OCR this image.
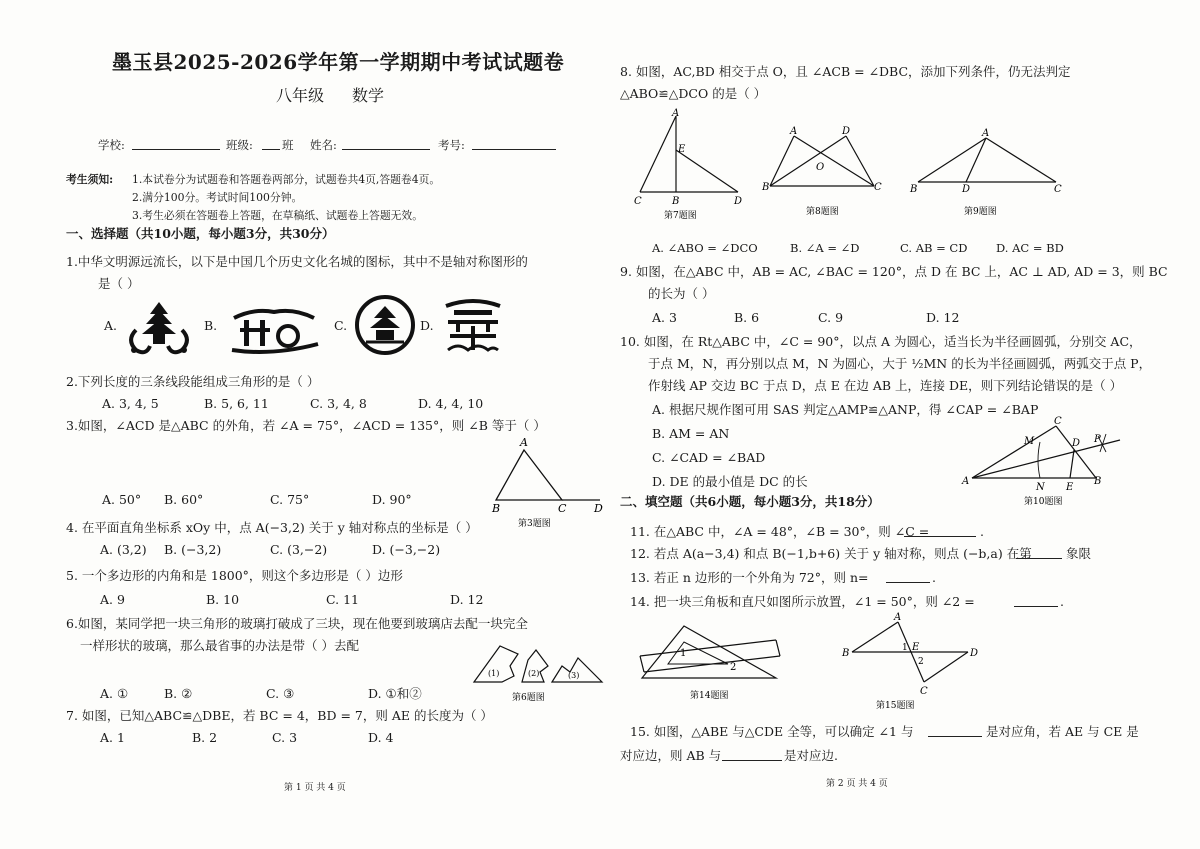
墨玉县2025-2026学年第一学期期中考试试题卷
八年级 数学
学校:	班级:	班 姓名:	考号:
考生须知: 1.本试卷分为试题卷和答题卷两部分，试题卷共4页,答题卷4页。
2.满分100分。考试时间100分钟。
3.考生必须在答题卷上答题，在草稿纸、试题卷上答题无效。
一、选择题（共10小题，每小题3分，共30分）
1.中华文明源远流长，以下是中国几个历史文化名城的图标，其中不是轴对称图形的
是（ ）
A.	B.	C.	D.
2.下列长度的三条线段能组成三角形的是（ ）
A. 3, 4, 5	B. 5, 6, 11	C. 3, 4, 8	D. 4, 4, 10
3.如图，∠ACD 是△ABC 的外角，若 ∠A = 75°，∠ACD = 135°，则 ∠B 等于（ ）
A. 50° B. 60°	C. 75°	D. 90°
A
B	C	D
第3题图
4. 在平面直角坐标系 xOy 中，点 A(−3,2) 关于 y 轴对称点的坐标是（ ）
A. (3,2) B. (−3,2)	C. (3,−2)	D. (−3,−2)
5. 一个多边形的内角和是 1800°，则这个多边形是（ ）边形
A. 9	B. 10	C. 11	D. 12
6.如图，某同学把一块三角形的玻璃打破成了三块，现在他要到玻璃店去配一块完全
一样形状的玻璃，那么最省事的办法是带（ ）去配
A. ①	B. ②	C. ③	D. ①和②
(1)	(2)	(3)
第6题图
7. 如图，已知△ABC≌△DBE，若 BC = 4，BD = 7，则 AE 的长度为（ ）
A. 1	B. 2	C. 3	D. 4
第 1 页 共 4 页
8. 如图，AC,BD 相交于点 O，且 ∠ACB = ∠DBC，添加下列条件，仍无法判定
△ABO≌△DCO 的是（ ）
A
E
C	B	D
第7题图
A	D
O
B	C
第8题图
A
B	D	C
第9题图
A. ∠ABO = ∠DCO	B. ∠A = ∠D	C. AB = CD D. AC = BD
9. 如图，在△ABC 中，AB = AC, ∠BAC = 120°，点 D 在 BC 上，AC ⊥ AD, AD = 3，则 BC
的长为（ ）
A. 3	B. 6	C. 9	D. 12
10. 如图，在 Rt△ABC 中，∠C = 90°，以点 A 为圆心，适当长为半径画圆弧，分别交 AC，
于点 M，N，再分别以点 M，N 为圆心，大于 ½MN 的长为半径画圆弧，两弧交于点 P，
作射线 AP 交边 BC 于点 D，点 E 在边 AB 上，连接 DE，则下列结论错误的是（ ）
A. 根据尺规作图可用 SAS 判定△AMP≌△ANP，得 ∠CAP = ∠BAP
B. AM = AN
C. ∠CAD = ∠BAD
D. DE 的最小值是 DC 的长
C
M	D P
A
N E
B
第10题图
二、填空题（共6小题，每小题3分，共18分）
11. 在△ABC 中，∠A = 48°，∠B = 30°，则 ∠C =	.
12. 若点 A(a−3,4) 和点 B(−1,b+6) 关于 y 轴对称，则点 (−b,a) 在第	象限
13. 若正 n 边形的一个外角为 72°，则 n=	.
14. 把一块三角板和直尺如图所示放置，∠1 = 50°，则 ∠2 =	.
1
2
第14题图
A
B	1 E
2
D
C
第15题图
15. 如图，△ABE 与△CDE 全等，可以确定 ∠1 与	是对应角，若 AE 与 CE 是
对应边，则 AB 与	是对应边.
第 2 页 共 4 页
